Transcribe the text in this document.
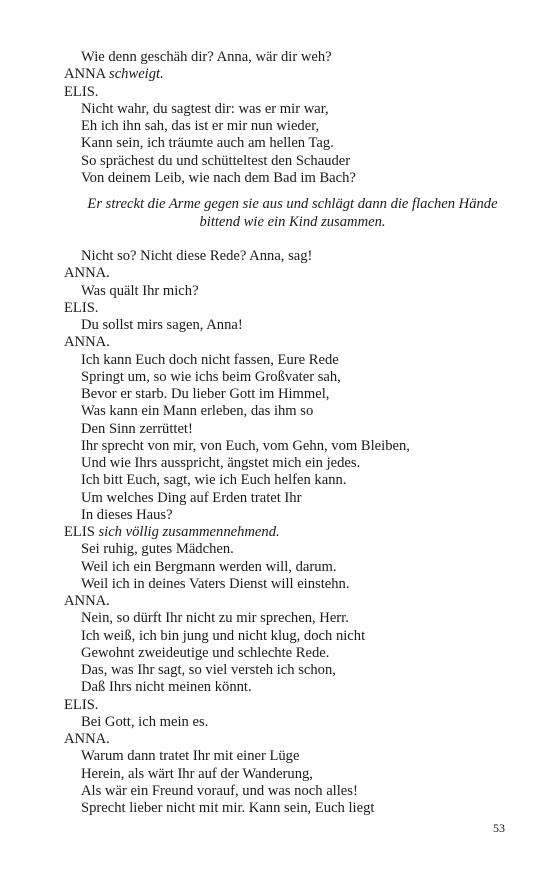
Wie denn geschäh dir? Anna, wär dir weh?
ANNA schweigt.
ELIS.
Nicht wahr, du sagtest dir: was er mir war,
Eh ich ihn sah, das ist er mir nun wieder,
Kann sein, ich träumte auch am hellen Tag.
So sprächest du und schütteltest den Schauder
Von deinem Leib, wie nach dem Bad im Bach?
Er streckt die Arme gegen sie aus und schlägt dann die flachen Hände
bittend wie ein Kind zusammen.
Nicht so? Nicht diese Rede? Anna, sag!
ANNA.
Was quält Ihr mich?
ELIS.
Du sollst mirs sagen, Anna!
ANNA.
Ich kann Euch doch nicht fassen, Eure Rede
Springt um, so wie ichs beim Großvater sah,
Bevor er starb. Du lieber Gott im Himmel,
Was kann ein Mann erleben, das ihm so
Den Sinn zerrüttet!
Ihr sprecht von mir, von Euch, vom Gehn, vom Bleiben,
Und wie Ihrs ausspricht, ängstet mich ein jedes.
Ich bitt Euch, sagt, wie ich Euch helfen kann.
Um welches Ding auf Erden tratet Ihr
In dieses Haus?
ELIS sich völlig zusammennehmend.
Sei ruhig, gutes Mädchen.
Weil ich ein Bergmann werden will, darum.
Weil ich in deines Vaters Dienst will einstehn.
ANNA.
Nein, so dürft Ihr nicht zu mir sprechen, Herr.
Ich weiß, ich bin jung und nicht klug, doch nicht
Gewohnt zweideutige und schlechte Rede.
Das, was Ihr sagt, so viel versteh ich schon,
Daß Ihrs nicht meinen könnt.
ELIS.
Bei Gott, ich mein es.
ANNA.
Warum dann tratet Ihr mit einer Lüge
Herein, als wärt Ihr auf der Wanderung,
Als wär ein Freund vorauf, und was noch alles!
Sprecht lieber nicht mit mir. Kann sein, Euch liegt
53
